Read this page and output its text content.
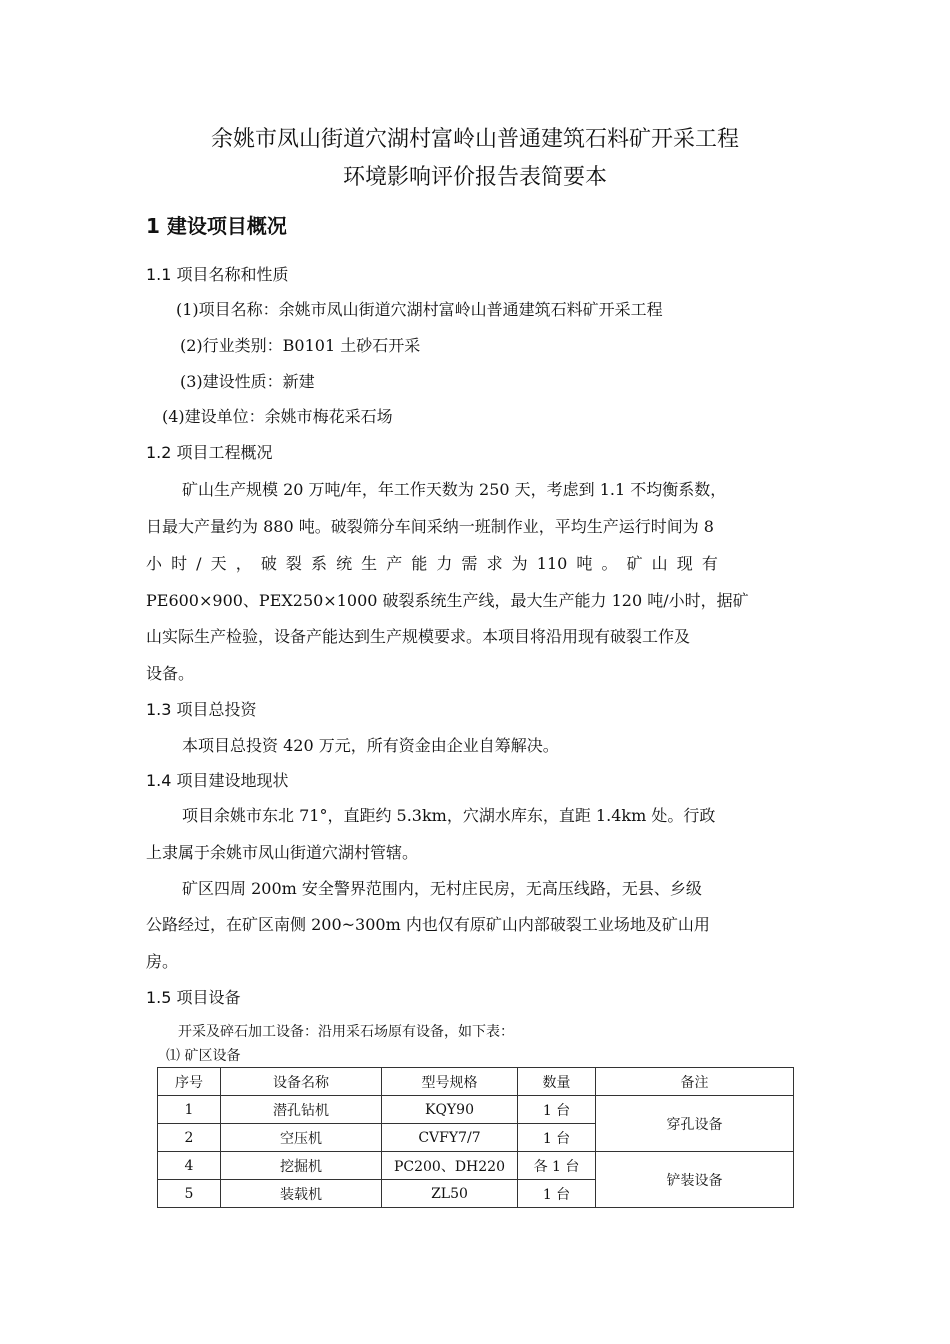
余姚市凤山街道穴湖村富岭山普通建筑石料矿开采工程
环境影响评价报告表简要本
1 建设项目概况
1.1 项目名称和性质
(1)项目名称：余姚市凤山街道穴湖村富岭山普通建筑石料矿开采工程
(2)行业类别：B0101 土砂石开采
(3)建设性质：新建
(4)建设单位：余姚市梅花采石场
1.2 项目工程概况
矿山生产规模 20 万吨/年，年工作天数为 250 天，考虑到 1.1 不均衡系数，
日最大产量约为 880 吨。破裂筛分车间采纳一班制作业，平均生产运行时间为 8
小 时 / 天 ， 破 裂 系 统 生 产 能 力 需 求 为 110 吨 。 矿 山 现 有
PE600×900、PEX250×1000 破裂系统生产线，最大生产能力 120 吨/小时，据矿
山实际生产检验，设备产能达到生产规模要求。本项目将沿用现有破裂工作及
设备。
1.3 项目总投资
本项目总投资 420 万元，所有资金由企业自筹解决。
1.4 项目建设地现状
项目余姚市东北 71°，直距约 5.3km，穴湖水库东，直距 1.4km 处。行政
上隶属于余姚市凤山街道穴湖村管辖。
矿区四周 200m 安全警界范围内，无村庄民房，无高压线路，无县、乡级
公路经过，在矿区南侧 200~300m 内也仅有原矿山内部破裂工业场地及矿山用
房。
1.5 项目设备
开采及碎石加工设备：沿用采石场原有设备，如下表：
⑴ 矿区设备
序号	设备名称	型号规格	数量	备注
1	潜孔钻机	KQY90	1 台	穿孔设备
2	空压机	CVFY7/7	1 台	
4	挖掘机	PC200、DH220	各 1 台	铲装设备
5	装载机	ZL50	1 台	
